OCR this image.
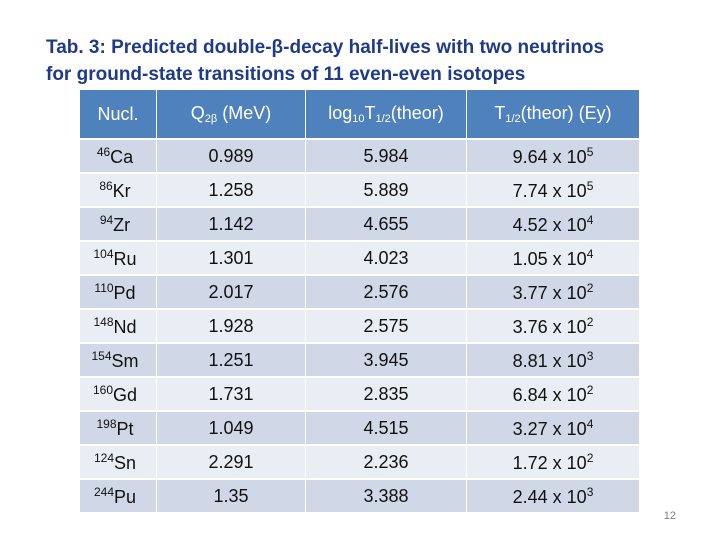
Tab. 3: Predicted double-β-decay half-lives with two neutrinos
for ground-state transitions of 11 even-even isotopes
Nucl.	$Q_{2\beta}$ (MeV)	$\log_{10}T_{1/2}(theor)$	$T_{1/2}(theor)$ (Ey)
$^{46}$Ca	0.989	5.984	9.64 x $10^5$
$^{86}$Kr	1.258	5.889	7.74 x $10^5$
$^{94}$Zr	1.142	4.655	4.52 x $10^4$
$^{104}$Ru	1.301	4.023	1.05 x $10^4$
$^{110}$Pd	2.017	2.576	3.77 x $10^2$
$^{148}$Nd	1.928	2.575	3.76 x $10^2$
$^{154}$Sm	1.251	3.945	8.81 x $10^3$
$^{160}$Gd	1.731	2.835	6.84 x $10^2$
$^{198}$Pt	1.049	4.515	3.27 x $10^4$
$^{124}$Sn	2.291	2.236	1.72 x $10^2$
$^{244}$Pu	1.35	3.388	2.44 x $10^3$
12
